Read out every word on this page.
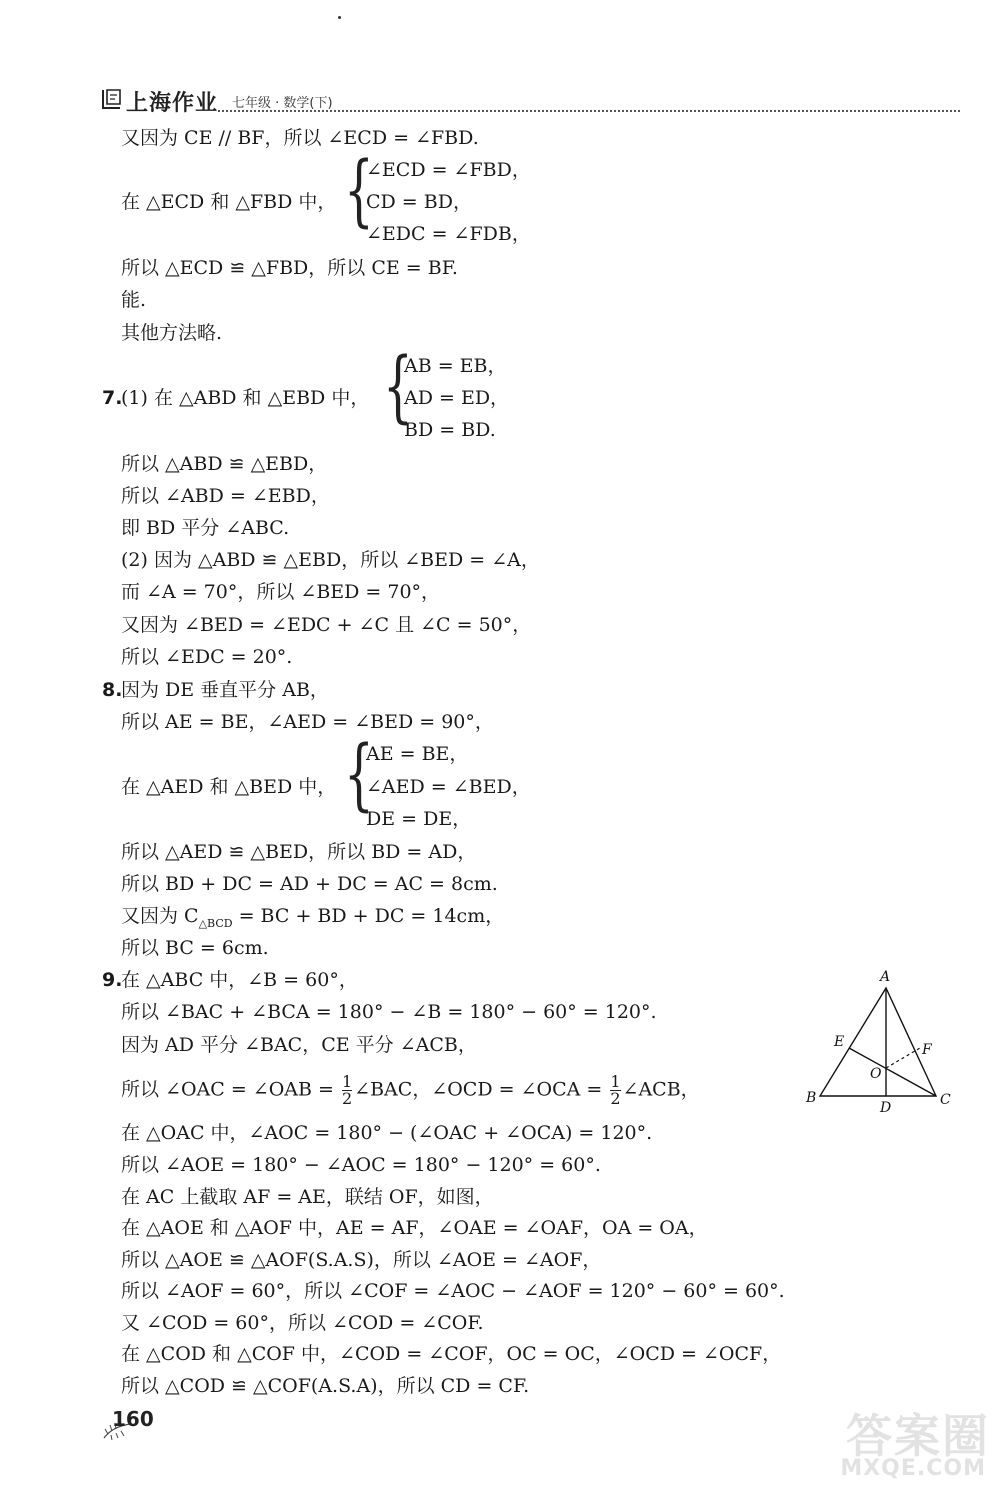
上海作业 七年级 · 数学(下)
又因为 CE // BF，所以 ∠ECD = ∠FBD.
在 △ECD 和 △FBD 中， {
∠ECD = ∠FBD，
CD = BD，
∠EDC = ∠FDB，
所以 △ECD ≌ △FBD，所以 CE = BF.
能.
其他方法略.
7.
(1) 在 △ABD 和 △EBD 中， {
AB = EB，
AD = ED，
BD = BD.
所以 △ABD ≌ △EBD，
所以 ∠ABD = ∠EBD，
即 BD 平分 ∠ABC.
(2) 因为 △ABD ≌ △EBD，所以 ∠BED = ∠A，
而 ∠A = 70°，所以 ∠BED = 70°，
又因为 ∠BED = ∠EDC + ∠C 且 ∠C = 50°，
所以 ∠EDC = 20°.
8.
因为 DE 垂直平分 AB，
所以 AE = BE，∠AED = ∠BED = 90°，
在 △AED 和 △BED 中， {
AE = BE，
∠AED = ∠BED，
DE = DE，
所以 △AED ≌ △BED，所以 BD = AD，
所以 BD + DC = AD + DC = AC = 8cm.
又因为 $C_{\triangle BCD}$ = BC + BD + DC = 14cm，
所以 BC = 6cm.
9.
在 △ABC 中，∠B = 60°，
所以 ∠BAC + ∠BCA = 180° − ∠B = 180° − 60° = 120°.
因为 AD 平分 ∠BAC，CE 平分 ∠ACB，
所以 ∠OAC = ∠OAB = $\frac{1}{2}$ ∠BAC，∠OCD = ∠OCA = $\frac{1}{2}$ ∠ACB，
在 △OAC 中，∠AOC = 180° − (∠OAC + ∠OCA) = 120°.
所以 ∠AOE = 180° − ∠AOC = 180° − 120° = 60°.
在 AC 上截取 AF = AE，联结 OF，如图，
在 △AOE 和 △AOF 中，AE = AF，∠OAE = ∠OAF，OA = OA，
所以 △AOE ≌ △AOF(S.A.S)，所以 ∠AOE = ∠AOF，
所以 ∠AOF = 60°，所以 ∠COF = ∠AOC − ∠AOF = 120° − 60° = 60°.
又 ∠COD = 60°，所以 ∠COD = ∠COF.
在 △COD 和 △COF 中，∠COD = ∠COF，OC = OC，∠OCD = ∠OCF，
所以 △COD ≌ △COF(A.S.A)，所以 CD = CF.
A
B	C
D
E	F
O
160	答案圈
MXQE.COM
